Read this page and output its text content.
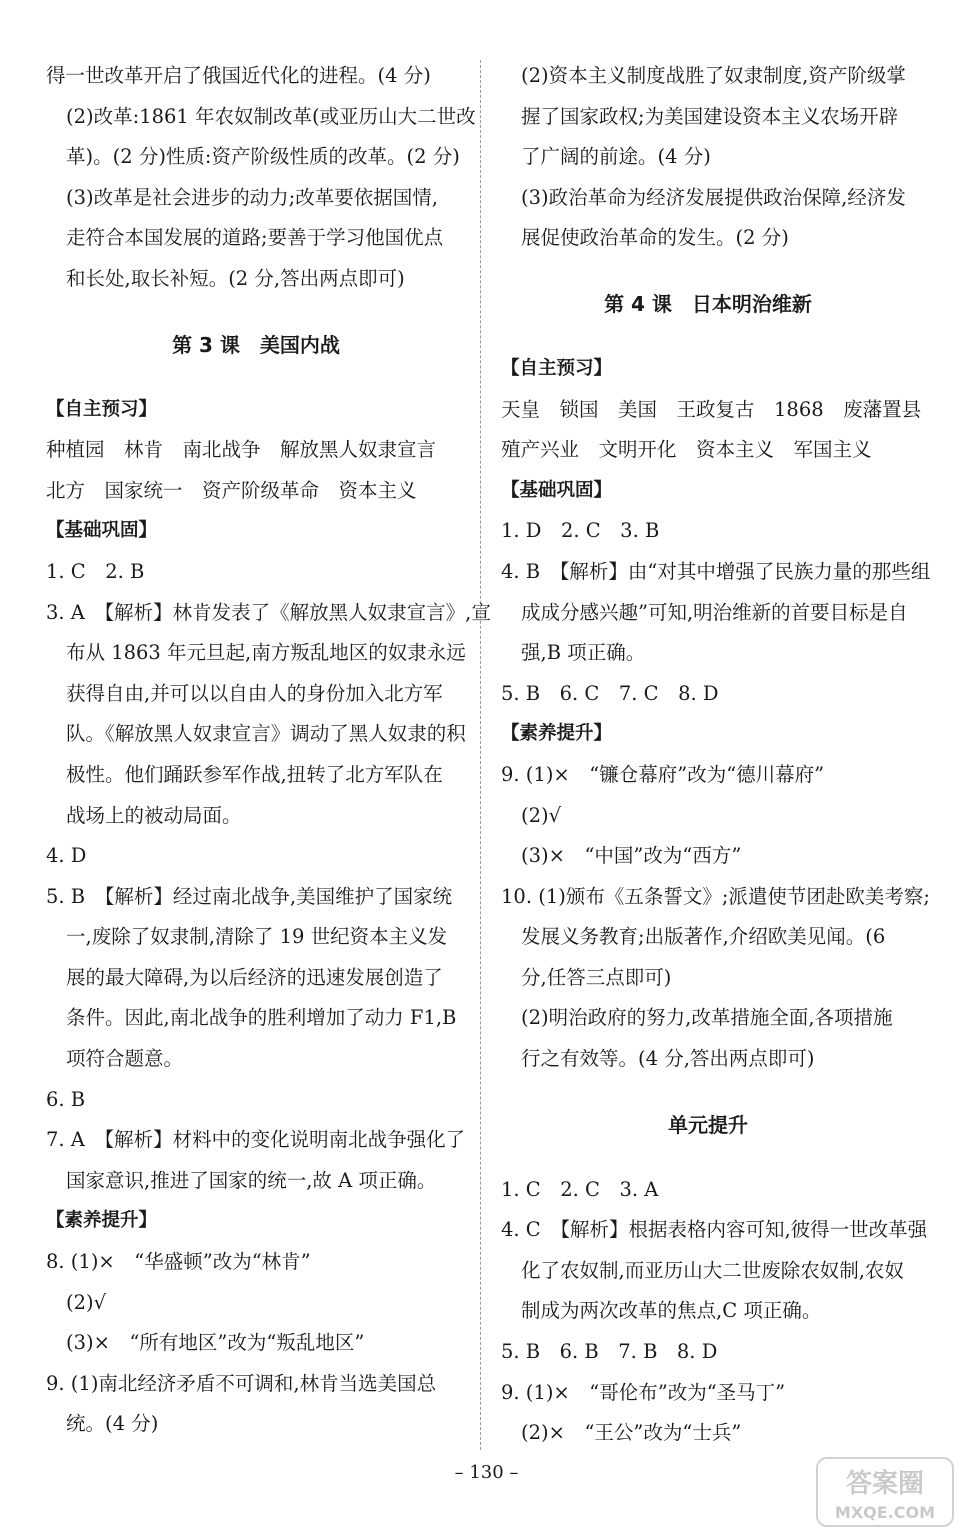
得一世改革开启了俄国近代化的进程。(4 分)
(2)改革:1861 年农奴制改革(或亚历山大二世改
革)。(2 分)性质:资产阶级性质的改革。(2 分)
(3)改革是社会进步的动力;改革要依据国情,
走符合本国发展的道路;要善于学习他国优点
和长处,取长补短。(2 分,答出两点即可)
第 3 课　美国内战
【自主预习】
种植园　林肯　南北战争　解放黑人奴隶宣言
北方　国家统一　资产阶级革命　资本主义
【基础巩固】
1. C　2. B
3. A　【解析】林肯发表了《解放黑人奴隶宣言》,宣
布从 1863 年元旦起,南方叛乱地区的奴隶永远
获得自由,并可以以自由人的身份加入北方军
队。《解放黑人奴隶宣言》调动了黑人奴隶的积
极性。他们踊跃参军作战,扭转了北方军队在
战场上的被动局面。
4. D
5. B　【解析】经过南北战争,美国维护了国家统
一,废除了奴隶制,清除了 19 世纪资本主义发
展的最大障碍,为以后经济的迅速发展创造了
条件。因此,南北战争的胜利增加了动力 F1,B
项符合题意。
6. B
7. A　【解析】材料中的变化说明南北战争强化了
国家意识,推进了国家的统一,故 A 项正确。
【素养提升】
8. (1)×　“华盛顿”改为“林肯”
(2)√
(3)×　“所有地区”改为“叛乱地区”
9. (1)南北经济矛盾不可调和,林肯当选美国总
统。(4 分)
(2)资本主义制度战胜了奴隶制度,资产阶级掌
握了国家政权;为美国建设资本主义农场开辟
了广阔的前途。(4 分)
(3)政治革命为经济发展提供政治保障,经济发
展促使政治革命的发生。(2 分)
第 4 课　日本明治维新
【自主预习】
天皇　锁国　美国　王政复古　1868　废藩置县
殖产兴业　文明开化　资本主义　军国主义
【基础巩固】
1. D　2. C　3. B
4. B　【解析】由“对其中增强了民族力量的那些组
成成分感兴趣”可知,明治维新的首要目标是自
强,B 项正确。
5. B　6. C　7. C　8. D
【素养提升】
9. (1)×　“镰仓幕府”改为“德川幕府”
(2)√
(3)×　“中国”改为“西方”
10. (1)颁布《五条誓文》;派遣使节团赴欧美考察;
发展义务教育;出版著作,介绍欧美见闻。(6
分,任答三点即可)
(2)明治政府的努力,改革措施全面,各项措施
行之有效等。(4 分,答出两点即可)
单元提升
1. C　2. C　3. A
4. C　【解析】根据表格内容可知,彼得一世改革强
化了农奴制,而亚历山大二世废除农奴制,农奴
制成为两次改革的焦点,C 项正确。
5. B　6. B　7. B　8. D
9. (1)×　“哥伦布”改为“圣马丁”
(2)×　“王公”改为“士兵”
– 130 –	答案圈
MXQE.COM
